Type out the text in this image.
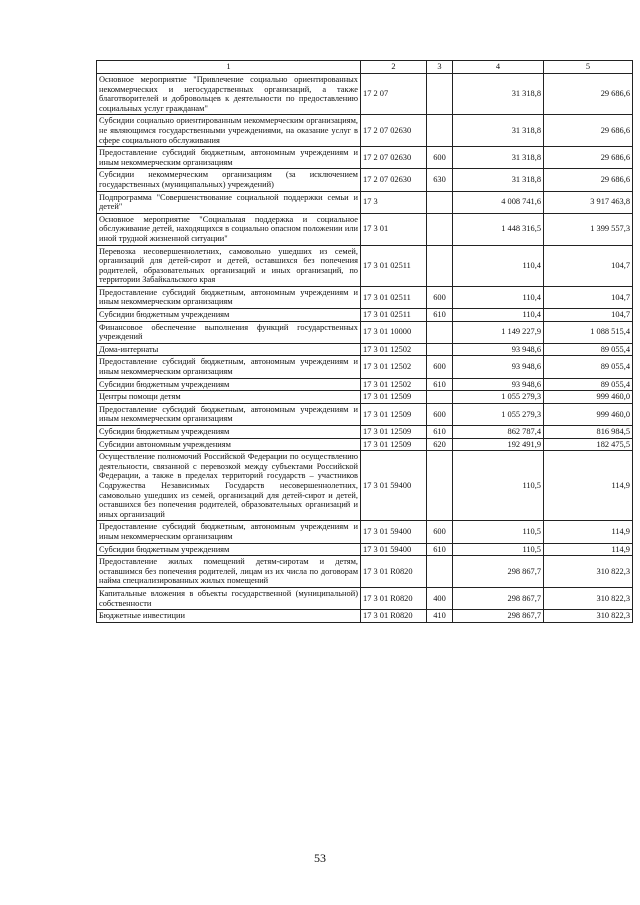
1	2	3	4	5
Основное мероприятие "Привлечение социально ориентированных некоммерческих и негосударственных организаций, а также благотворителей и добровольцев к деятельности по предоставлению социальных услуг гражданам"	17 2 07		31 318,8	29 686,6
Субсидии социально ориентированным некоммерческим организациям, не являющимся государственными учреждениями, на оказание услуг в сфере социального обслуживания	17 2 07 02630		31 318,8	29 686,6
Предоставление субсидий бюджетным, автономным учреждениям и иным некоммерческим организациям	17 2 07 02630	600	31 318,8	29 686,6
Субсидии некоммерческим организациям (за исключением государственных (муниципальных) учреждений)	17 2 07 02630	630	31 318,8	29 686,6
Подпрограмма "Совершенствование социальной поддержки семьи и детей"	17 3		4 008 741,6	3 917 463,8
Основное мероприятие "Социальная поддержка и социальное обслуживание детей, находящихся в социально опасном положении или иной трудной жизненной ситуации"	17 3 01		1 448 316,5	1 399 557,3
Перевозка несовершеннолетних, самовольно ушедших из семей, организаций для детей-сирот и детей, оставшихся без попечения родителей, образовательных организаций и иных организаций, по территории Забайкальского края	17 3 01 02511		110,4	104,7
Предоставление субсидий бюджетным, автономным учреждениям и иным некоммерческим организациям	17 3 01 02511	600	110,4	104,7
Субсидии бюджетным учреждениям	17 3 01 02511	610	110,4	104,7
Финансовое обеспечение выполнения функций государственных учреждений	17 3 01 10000		1 149 227,9	1 088 515,4
Дома-интернаты	17 3 01 12502		93 948,6	89 055,4
Предоставление субсидий бюджетным, автономным учреждениям и иным некоммерческим организациям	17 3 01 12502	600	93 948,6	89 055,4
Субсидии бюджетным учреждениям	17 3 01 12502	610	93 948,6	89 055,4
Центры помощи детям	17 3 01 12509		1 055 279,3	999 460,0
Предоставление субсидий бюджетным, автономным учреждениям и иным некоммерческим организациям	17 3 01 12509	600	1 055 279,3	999 460,0
Субсидии бюджетным учреждениям	17 3 01 12509	610	862 787,4	816 984,5
Субсидии автономным учреждениям	17 3 01 12509	620	192 491,9	182 475,5
Осуществление полномочий Российской Федерации по осуществлению деятельности, связанной с перевозкой между субъектами Российской Федерации, а также в пределах территорий государств – участников Содружества Независимых Государств несовершеннолетних, самовольно ушедших из семей, организаций для детей-сирот и детей, оставшихся без попечения родителей, образовательных организаций и иных организаций	17 3 01 59400		110,5	114,9
Предоставление субсидий бюджетным, автономным учреждениям и иным некоммерческим организациям	17 3 01 59400	600	110,5	114,9
Субсидии бюджетным учреждениям	17 3 01 59400	610	110,5	114,9
Предоставление жилых помещений детям-сиротам и детям, оставшимся без попечения родителей, лицам из их числа по договорам найма специализированных жилых помещений	17 3 01 R0820		298 867,7	310 822,3
Капитальные вложения в объекты государственной (муниципальной) собственности	17 3 01 R0820	400	298 867,7	310 822,3
Бюджетные инвестиции	17 3 01 R0820	410	298 867,7	310 822,3
53
